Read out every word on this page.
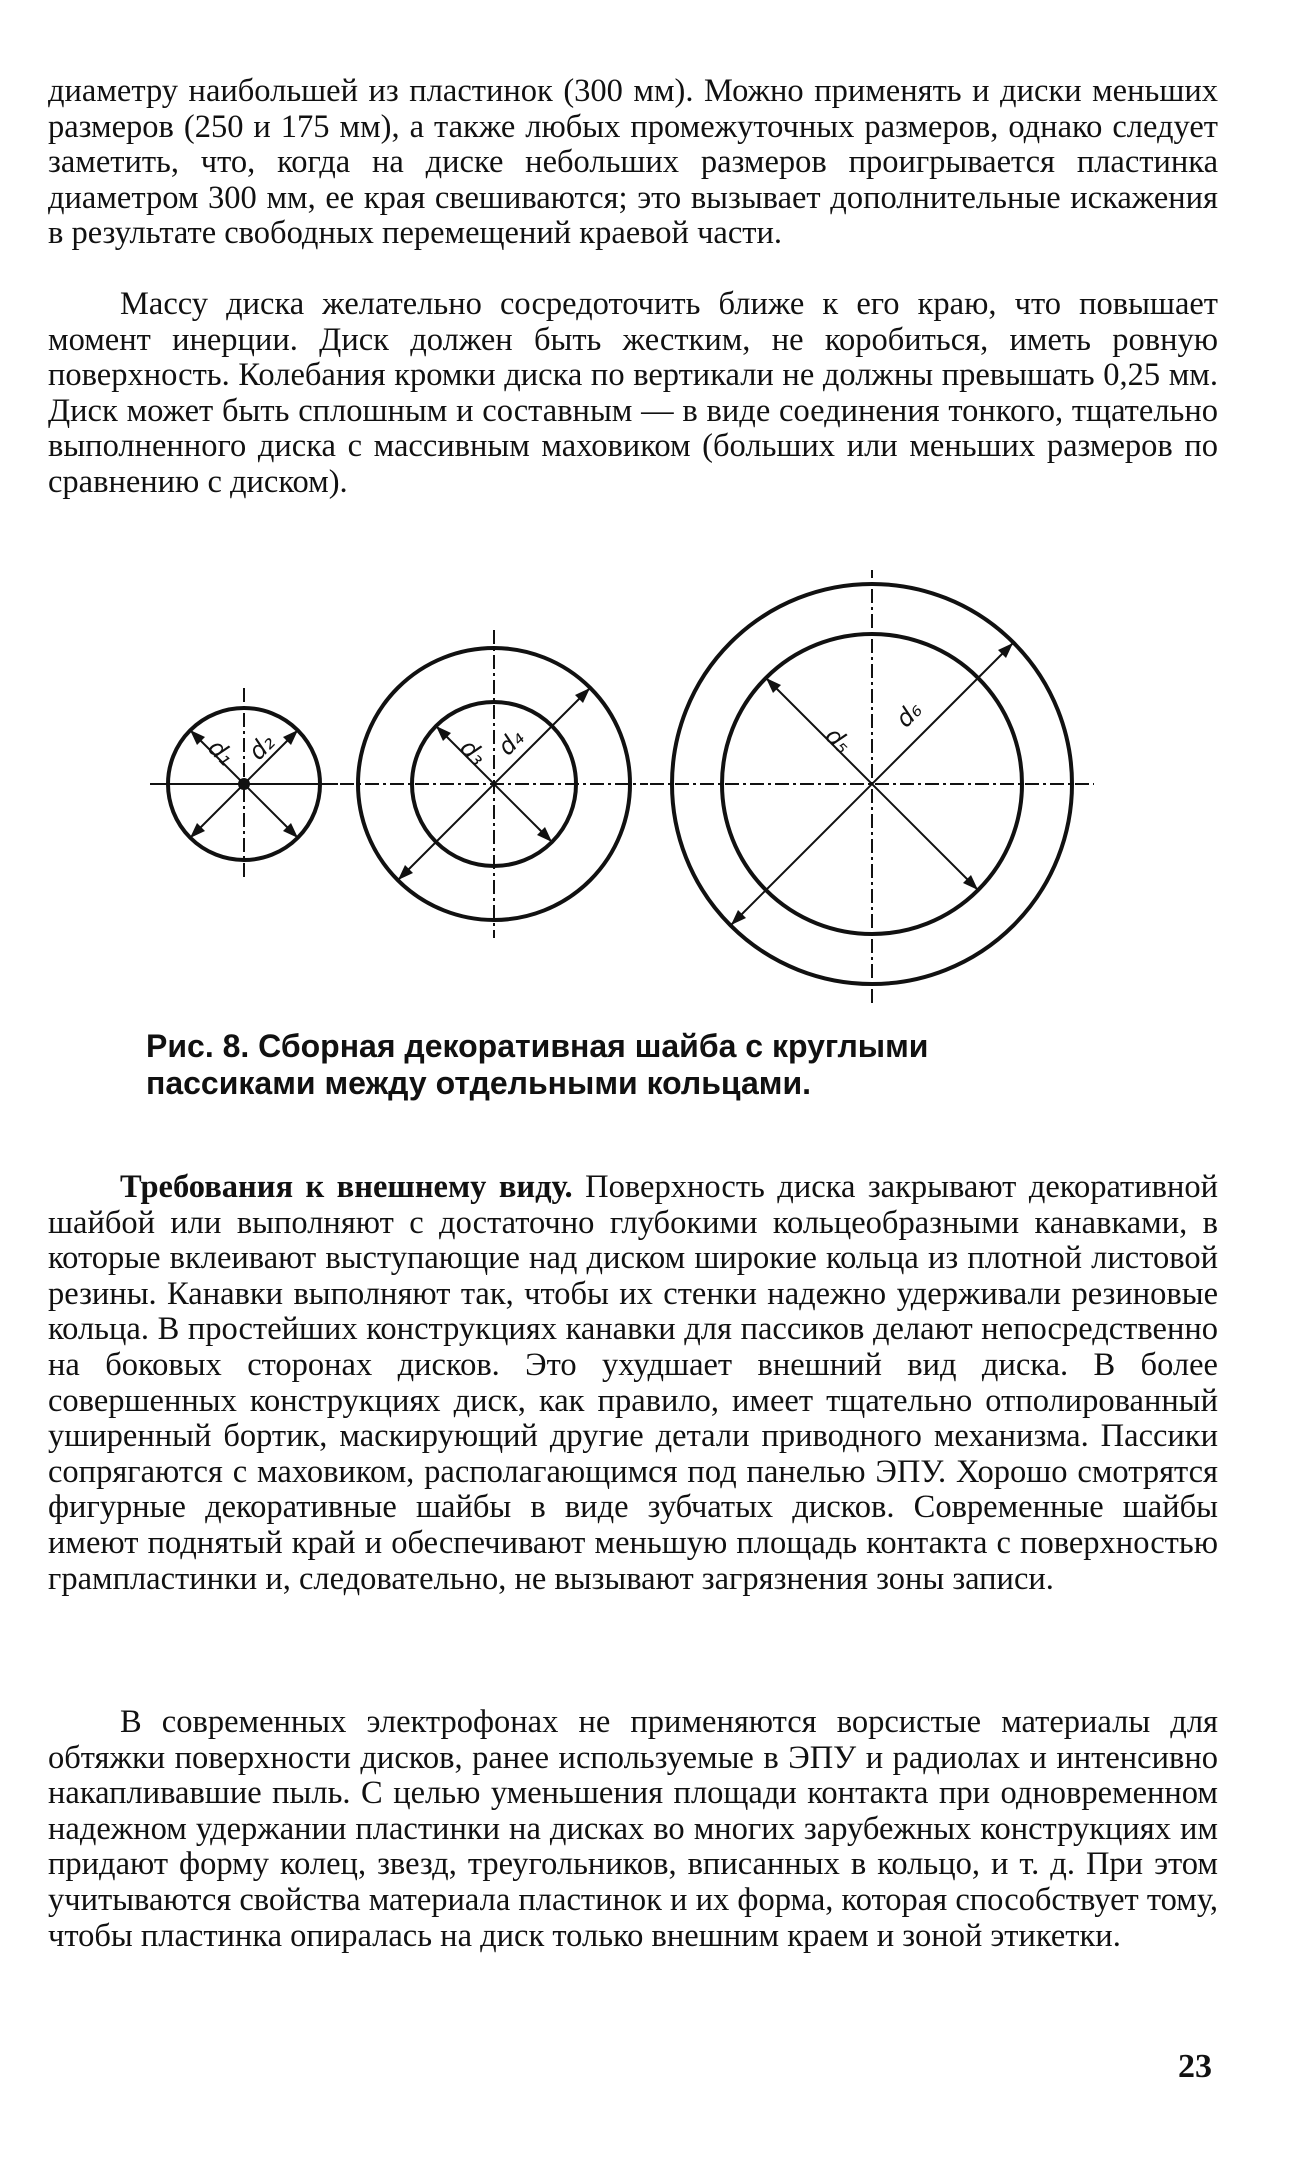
диаметру наибольшей из пластинок (300 мм). Можно применять и диски меньших размеров (250 и 175 мм), а также любых промежуточных размеров, однако следует заметить, что, когда на диске небольших размеров проигрывается пластинка диаметром 300 мм, ее края свешиваются; это вызывает дополнительные искажения в результате свободных перемещений краевой части.

Массу диска желательно сосредоточить ближе к его краю, что повышает момент инерции. Диск должен быть жестким, не коробиться, иметь ровную поверхность. Колебания кромки диска по вертикали не должны превышать 0,25 мм. Диск может быть сплошным и составным — в виде соединения тонкого, тщательно выполненного диска с массивным маховиком (больших или меньших размеров по сравнению с диском).

d₁ d₂	d₃ d₄	d₅
d₆

Рис. 8. Сборная декоративная шайба с круглыми пассиками между отдельными кольцами.

Требования к внешнему виду. Поверхность диска закрывают декоративной шайбой или выполняют с достаточно глубокими кольцеобразными канавками, в которые вклеивают выступающие над диском широкие кольца из плотной листовой резины. Канавки выполняют так, чтобы их стенки надежно удерживали резиновые кольца. В простейших конструкциях канавки для пассиков делают непосредственно на боковых сторонах дисков. Это ухудшает внешний вид диска. В более совершенных конструкциях диск, как правило, имеет тщательно отполированный уширенный бортик, маскирующий другие детали приводного механизма. Пассики сопрягаются с маховиком, располагающимся под панелью ЭПУ. Хорошо смотрятся фигурные декоративные шайбы в виде зубчатых дисков. Современные шайбы имеют поднятый край и обеспечивают меньшую площадь контакта с поверхностью грампластинки и, следовательно, не вызывают загрязнения зоны записи.

В современных электрофонах не применяются ворсистые материалы для обтяжки поверхности дисков, ранее используемые в ЭПУ и радиолах и интенсивно накапливавшие пыль. С целью уменьшения площади контакта при одновременном надежном удержании пластинки на дисках во многих зарубежных конструкциях им придают форму колец, звезд, треугольников, вписанных в кольцо, и т. д. При этом учитываются свойства материала пластинок и их форма, которая способствует тому, чтобы пластинка опиралась на диск только внешним краем и зоной этикетки.

23
